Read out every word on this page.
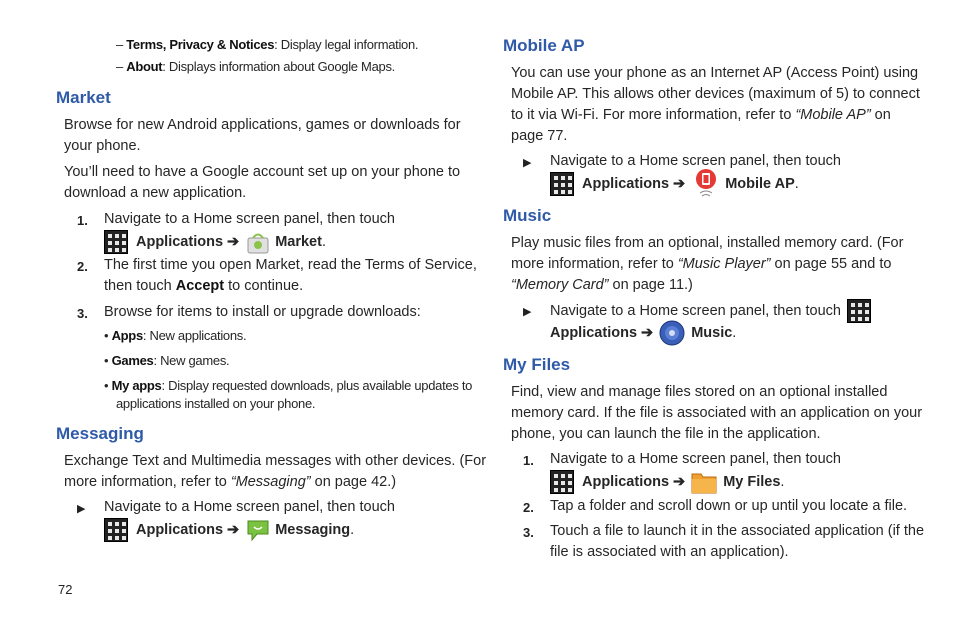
– Terms, Privacy & Notices: Display legal information.
– About: Displays information about Google Maps.
Market
Browse for new Android applications, games or downloads for
your phone.
You’ll need to have a Google account set up on your phone to
download a new application.
1. Navigate to a Home screen panel, then touch
Applications ➔ Market .
2. The first time you open Market, read the Terms of Service,
then touch Accept to continue.
3. Browse for items to install or upgrade downloads:
• Apps: New applications.
• Games: New games.
• My apps: Display requested downloads, plus available updates to
applications installed on your phone.
Messaging
Exchange Text and Multimedia messages with other devices. (For
more information, refer to “Messaging” on page 42.)
▶ Navigate to a Home screen panel, then touch
Applications ➔ Messaging .
72
Mobile AP
You can use your phone as an Internet AP (Access Point) using
Mobile AP. This allows other devices (maximum of 5) to connect
to it via Wi-Fi. For more information, refer to “Mobile AP” on
page 77.
▶ Navigate to a Home screen panel, then touch
Applications ➔	Mobile AP .
Music
Play music files from an optional, installed memory card. (For
more information, refer to “Music Player” on page 55 and to
“Memory Card” on page 11.)
▶ Navigate to a Home screen panel, then touch
Applications ➔	Music .
My Files
Find, view and manage files stored on an optional installed
memory card. If the file is associated with an application on your
phone, you can launch the file in the application.
1. Navigate to a Home screen panel, then touch
Applications ➔	My Files .
2. Tap a folder and scroll down or up until you locate a file.
3. Touch a file to launch it in the associated application (if the
file is associated with an application).
